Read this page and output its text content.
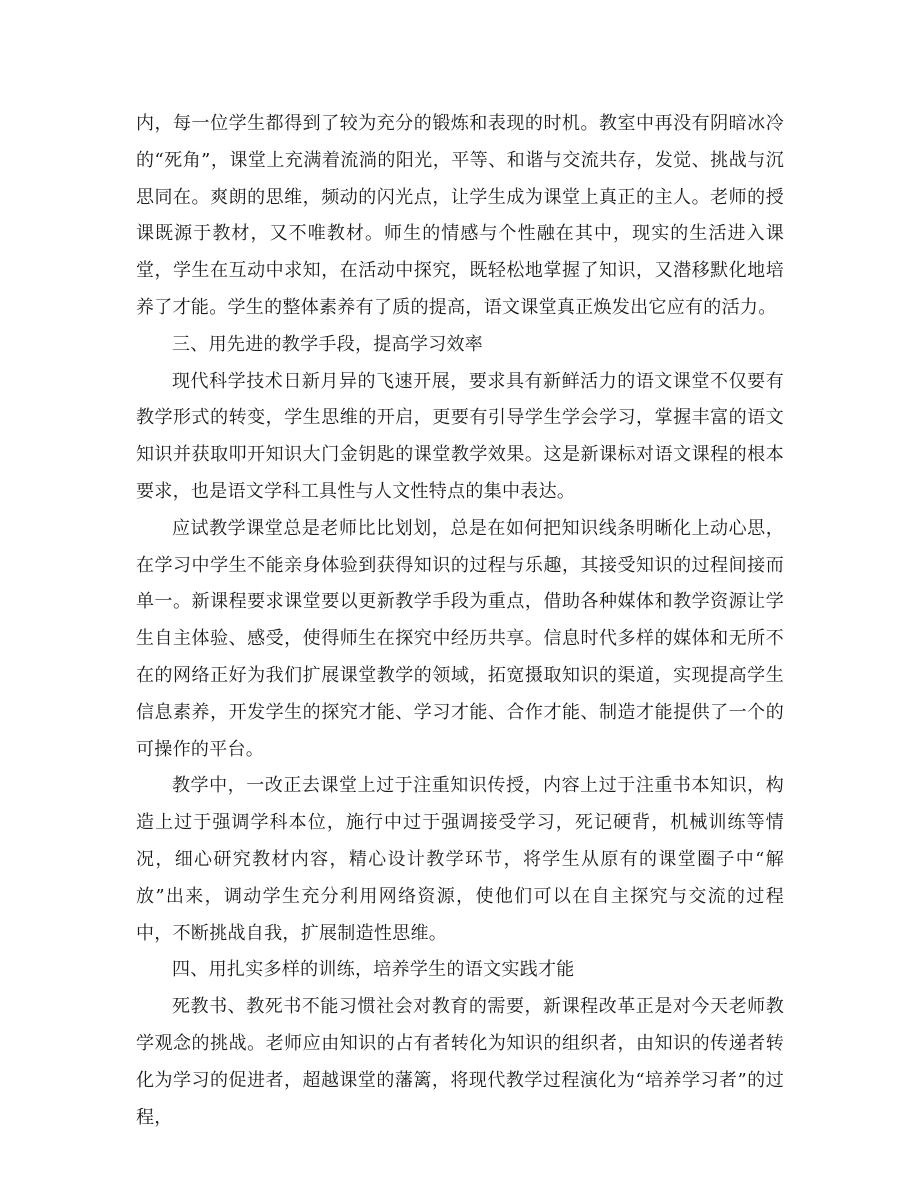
内，每一位学生都得到了较为充分的锻炼和表现的时机。教室中再没有阴暗冰冷的“死角”，课堂上充满着流淌的阳光，平等、和谐与交流共存，发觉、挑战与沉思同在。爽朗的思维，频动的闪光点，让学生成为课堂上真正的主人。老师的授课既源于教材，又不唯教材。师生的情感与个性融在其中，现实的生活进入课堂，学生在互动中求知，在活动中探究，既轻松地掌握了知识，又潜移默化地培养了才能。学生的整体素养有了质的提高，语文课堂真正焕发出它应有的活力。

三、用先进的教学手段，提高学习效率

现代科学技术日新月异的飞速开展，要求具有新鲜活力的语文课堂不仅要有教学形式的转变，学生思维的开启，更要有引导学生学会学习，掌握丰富的语文知识并获取叩开知识大门金钥匙的课堂教学效果。这是新课标对语文课程的根本要求，也是语文学科工具性与人文性特点的集中表达。

应试教学课堂总是老师比比划划，总是在如何把知识线条明晰化上动心思，在学习中学生不能亲身体验到获得知识的过程与乐趣，其接受知识的过程间接而单一。新课程要求课堂要以更新教学手段为重点，借助各种媒体和教学资源让学生自主体验、感受，使得师生在探究中经历共享。信息时代多样的媒体和无所不在的网络正好为我们扩展课堂教学的领域，拓宽摄取知识的渠道，实现提高学生信息素养，开发学生的探究才能、学习才能、合作才能、制造才能提供了一个的可操作的平台。

教学中，一改正去课堂上过于注重知识传授，内容上过于注重书本知识，构造上过于强调学科本位，施行中过于强调接受学习，死记硬背，机械训练等情况，细心研究教材内容，精心设计教学环节，将学生从原有的课堂圈子中“解放”出来，调动学生充分利用网络资源，使他们可以在自主探究与交流的过程中，不断挑战自我，扩展制造性思维。

四、用扎实多样的训练，培养学生的语文实践才能

死教书、教死书不能习惯社会对教育的需要，新课程改革正是对今天老师教学观念的挑战。老师应由知识的占有者转化为知识的组织者，由知识的传递者转化为学习的促进者，超越课堂的藩篱，将现代教学过程演化为“培养学习者”的过程，
